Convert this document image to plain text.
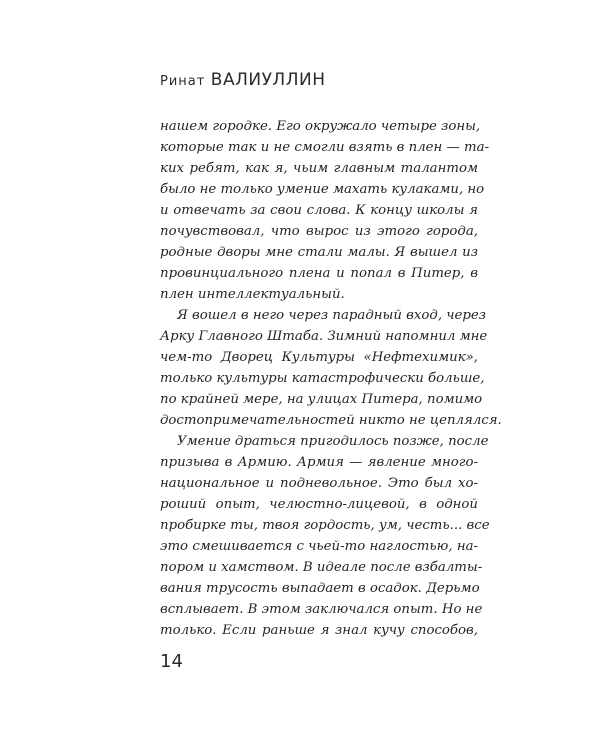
Ринат ВАЛИУЛЛИН

нашем городке. Его окружало четыре зоны,
которые так и не смогли взять в плен — та-
ких ребят, как я, чьим главным талантом
было не только умение махать кулаками, но
и отвечать за свои слова. К концу школы я
почувствовал, что вырос из этого города,
родные дворы мне стали малы. Я вышел из
провинциального плена и попал в Питер, в
плен интеллектуальный.

Я вошел в него через парадный вход, через
Арку Главного Штаба. Зимний напомнил мне
чем-то Дворец Культуры «Нефтехимик»,
только культуры катастрофически больше,
по крайней мере, на улицах Питера, помимо
достопримечательностей никто не цеплялся.

Умение драться пригодилось позже, после
призыва в Армию. Армия — явление много-
национальное и подневольное. Это был хо-
роший опыт, челюстно-лицевой, в одной
пробирке ты, твоя гордость, ум, честь... все
это смешивается с чьей-то наглостью, на-
пором и хамством. В идеале после взбалты-
вания трусость выпадает в осадок. Дерьмо
всплывает. В этом заключался опыт. Но не
только. Если раньше я знал кучу способов,

14
